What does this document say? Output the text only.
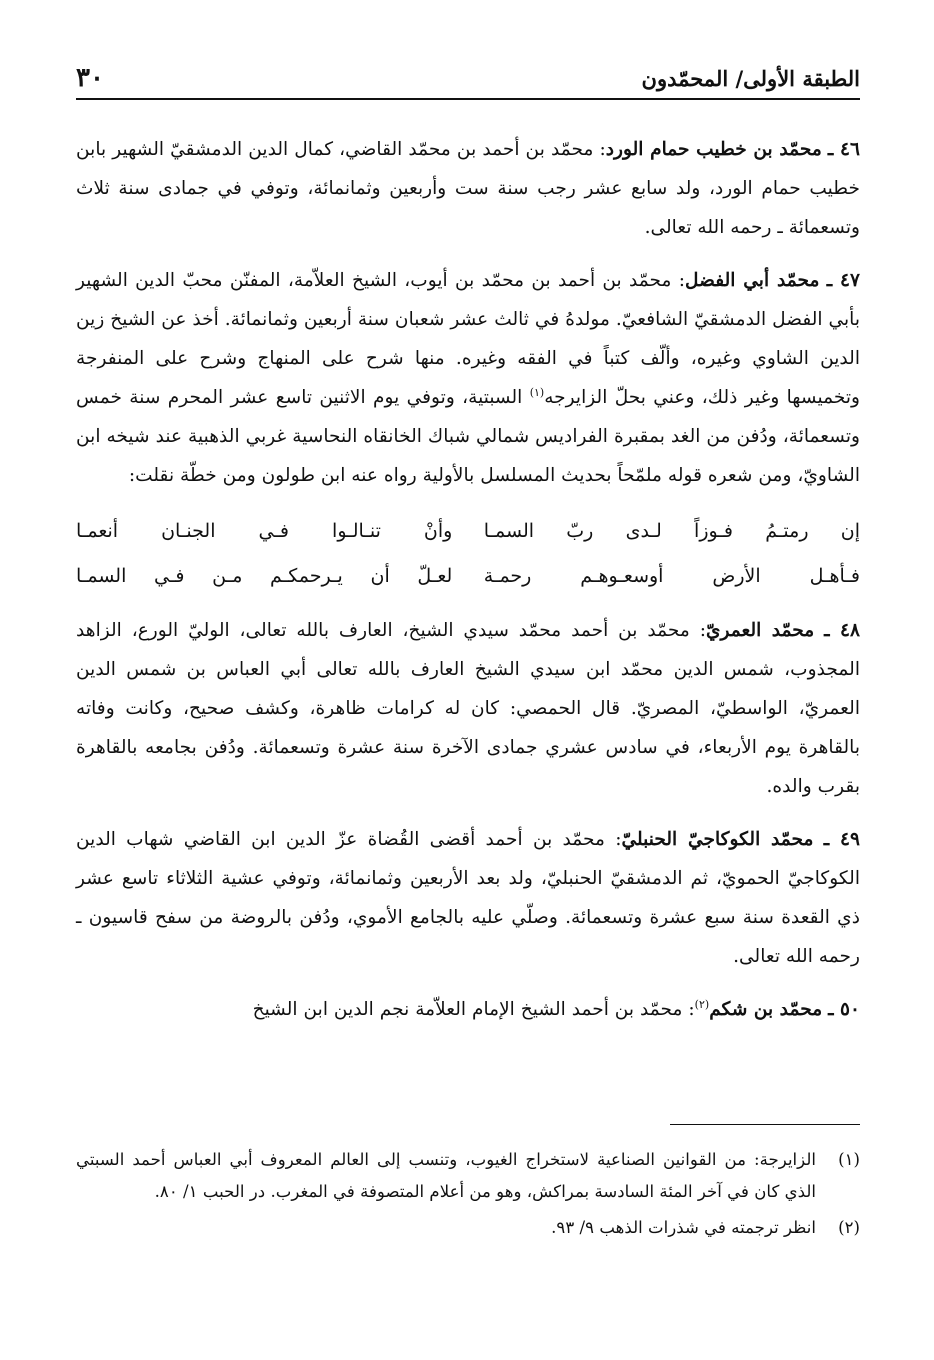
الطبقة الأولى/ المحمّدون
٣٠

٤٦ ـ محمّد بن خطيب حمام الورد: محمّد بن أحمد بن محمّد القاضي، كمال الدين الدمشقيّ الشهير بابن خطيب حمام الورد، ولد سابع عشر رجب سنة ست وأربعين وثمانمائة، وتوفي في جمادى سنة ثلاث وتسعمائة ـ رحمه الله تعالى.

٤٧ ـ محمّد أبي الفضل: محمّد بن أحمد بن محمّد بن أيوب، الشيخ العلاّمة، المفنّن محبّ الدين الشهير بأبي الفضل الدمشقيّ الشافعيّ. مولدهُ في ثالث عشر شعبان سنة أربعين وثمانمائة. أخذ عن الشيخ زين الدين الشاوي وغيره، وألّف كتباً في الفقه وغيره. منها شرح على المنهاج وشرح على المنفرجة وتخميسها وغير ذلك، وعني بحلّ الزايرجه$^{(١)}$ السبتية، وتوفي يوم الاثنين تاسع عشر المحرم سنة خمس وتسعمائة، ودُفن من الغد بمقبرة الفراديس شمالي شباك الخانقاه النحاسية غربي الذهبية عند شيخه ابن الشاويّ، ومن شعره قوله ملمّحاً بحديث المسلسل بالأولية رواه عنه ابن طولون ومن خطّة نقلت:

إن رمتـمُ فـوزاً لـدى ربّ السمـا
وأنْ تنـالـوا فـي الجنـان أنعمـا
فـأهـل الأرض أوسعـوهـم رحمـة
لعـلّ أن يـرحمكـم مـن فـي السمـا

٤٨ ـ محمّد العمريّ: محمّد بن أحمد محمّد سيدي الشيخ، العارف بالله تعالى، الوليّ الورع، الزاهد المجذوب، شمس الدين محمّد ابن سيدي الشيخ العارف بالله تعالى أبي العباس بن شمس الدين العمريّ، الواسطيّ، المصريّ. قال الحمصي: كان له كرامات ظاهرة، وكشف صحيح، وكانت وفاته بالقاهرة يوم الأربعاء، في سادس عشري جمادى الآخرة سنة عشرة وتسعمائة. ودُفن بجامعه بالقاهرة بقرب والده.

٤٩ ـ محمّد الكوكاجيّ الحنبليّ: محمّد بن أحمد أقضى القُضاة عزّ الدين ابن القاضي شهاب الدين الكوكاجيّ الحمويّ، ثم الدمشقيّ الحنبليّ، ولد بعد الأربعين وثمانمائة، وتوفي عشية الثلاثاء تاسع عشر ذي القعدة سنة سبع عشرة وتسعمائة. وصلّي عليه بالجامع الأموي، ودُفن بالروضة من سفح قاسيون ـ رحمه الله تعالى.

٥٠ ـ محمّد بن شكم$^{(٢)}$: محمّد بن أحمد الشيخ الإمام العلاّمة نجم الدين ابن الشيخ

(١)
الزايرجة: من القوانين الصناعية لاستخراج الغيوب، وتنسب إلى العالم المعروف أبي العباس أحمد السبتي الذي كان في آخر المئة السادسة بمراكش، وهو من أعلام المتصوفة في المغرب. در الحبب ١/ ٨٠.
(٢)
انظر ترجمته في شذرات الذهب ٩/ ٩٣.
